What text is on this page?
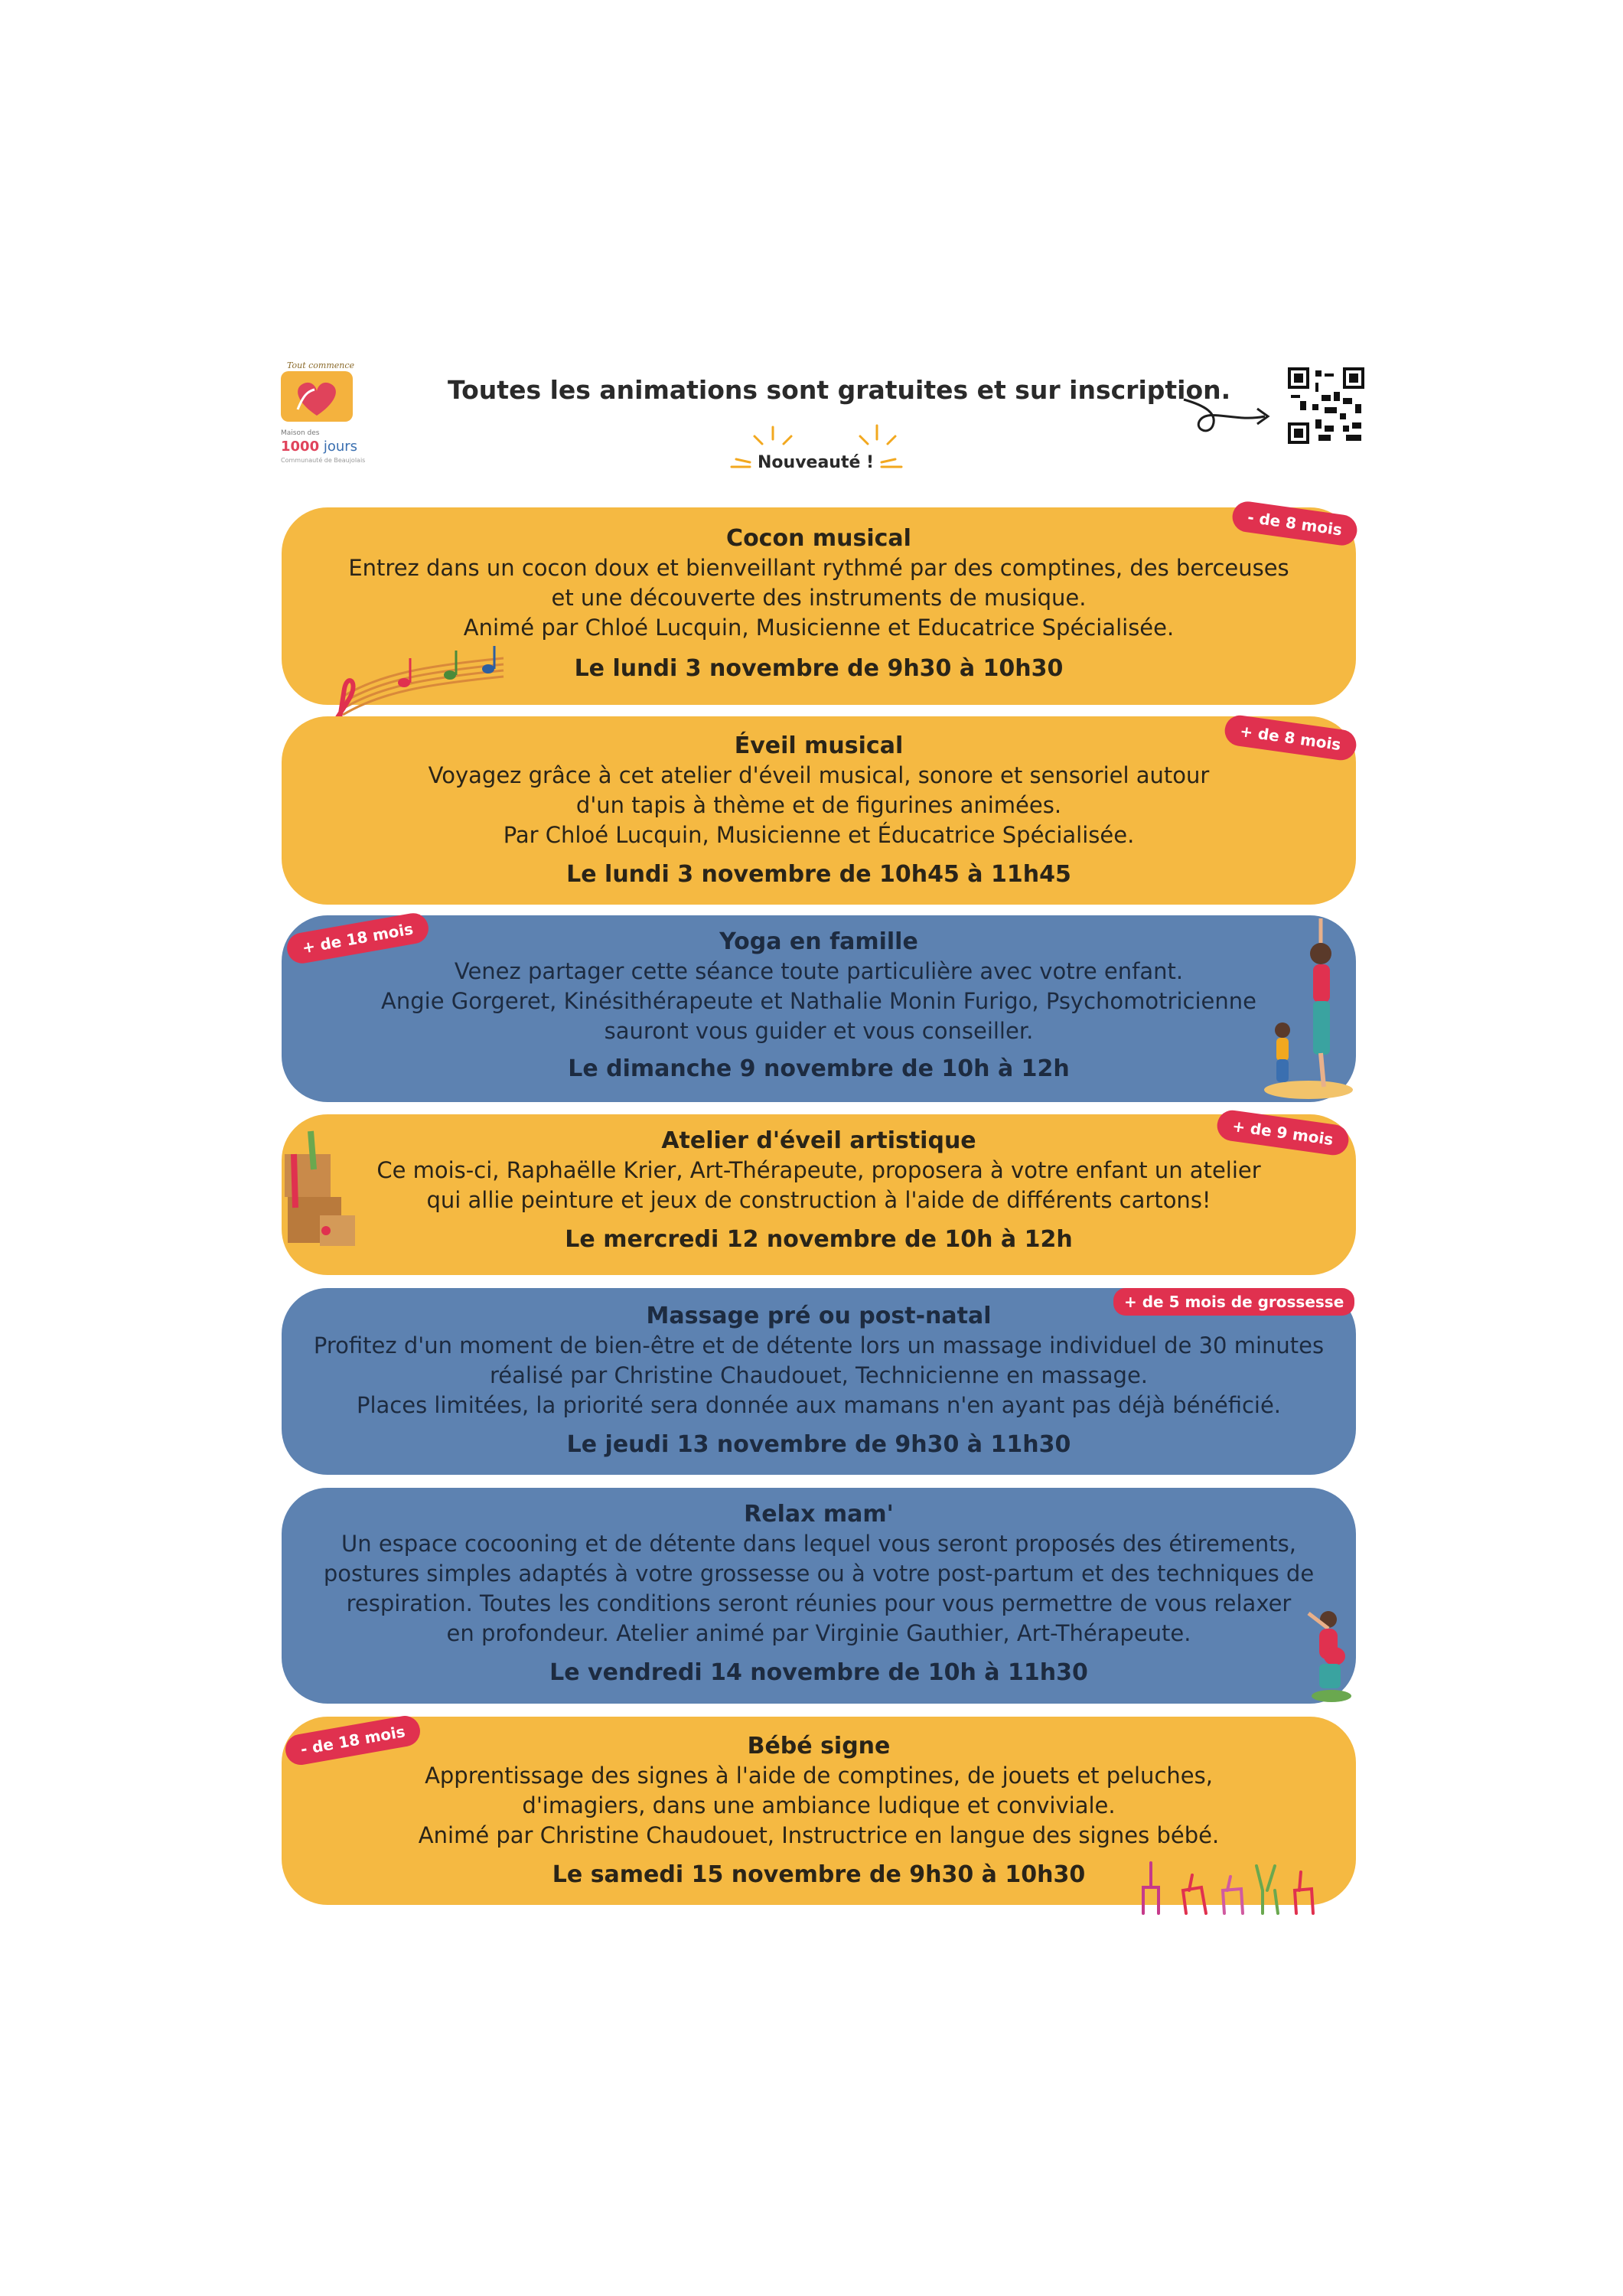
Tout commence
Maison des
1000 jours
Communauté de Beaujolais
Toutes les animations sont gratuites et sur inscription.
Nouveauté !

Cocon musical

Entrez dans un cocon doux et bienveillant rythmé par des comptines, des berceuses

et une découverte des instruments de musique.

Animé par Chloé Lucquin, Musicienne et Educatrice Spécialisée.

Le lundi 3 novembre de 9h30 à 10h30

- de 8 mois

Éveil musical

Voyagez grâce à cet atelier d'éveil musical, sonore et sensoriel autour

d'un tapis à thème et de figurines animées.

Par Chloé Lucquin, Musicienne et Éducatrice Spécialisée.

Le lundi 3 novembre de 10h45 à 11h45

+ de 8 mois

Yoga en famille

Venez partager cette séance toute particulière avec votre enfant.

Angie Gorgeret, Kinésithérapeute et Nathalie Monin Furigo, Psychomotricienne

sauront vous guider et vous conseiller.

Le dimanche 9 novembre de 10h à 12h

+ de 18 mois

Atelier d'éveil artistique

Ce mois-ci, Raphaëlle Krier, Art-Thérapeute, proposera à votre enfant un atelier

qui allie peinture et jeux de construction à l'aide de différents cartons!

Le mercredi 12 novembre de 10h à 12h

+ de 9 mois

Massage pré ou post-natal

Profitez d'un moment de bien-être et de détente lors un massage individuel de 30 minutes

réalisé par Christine Chaudouet, Technicienne en massage.

Places limitées, la priorité sera donnée aux mamans n'en ayant pas déjà bénéficié.

Le jeudi 13 novembre de 9h30 à 11h30

+ de 5 mois de grossesse

Relax mam'

Un espace cocooning et de détente dans lequel vous seront proposés des étirements,

postures simples adaptés à votre grossesse ou à votre post-partum et des techniques de

respiration. Toutes les conditions seront réunies pour vous permettre de vous relaxer

en profondeur. Atelier animé par Virginie Gauthier, Art-Thérapeute.

Le vendredi 14 novembre de 10h à 11h30

Bébé signe

Apprentissage des signes à l'aide de comptines, de jouets et peluches,

d'imagiers, dans une ambiance ludique et conviviale.

Animé par Christine Chaudouet, Instructrice en langue des signes bébé.

Le samedi 15 novembre de 9h30 à 10h30

- de 18 mois
